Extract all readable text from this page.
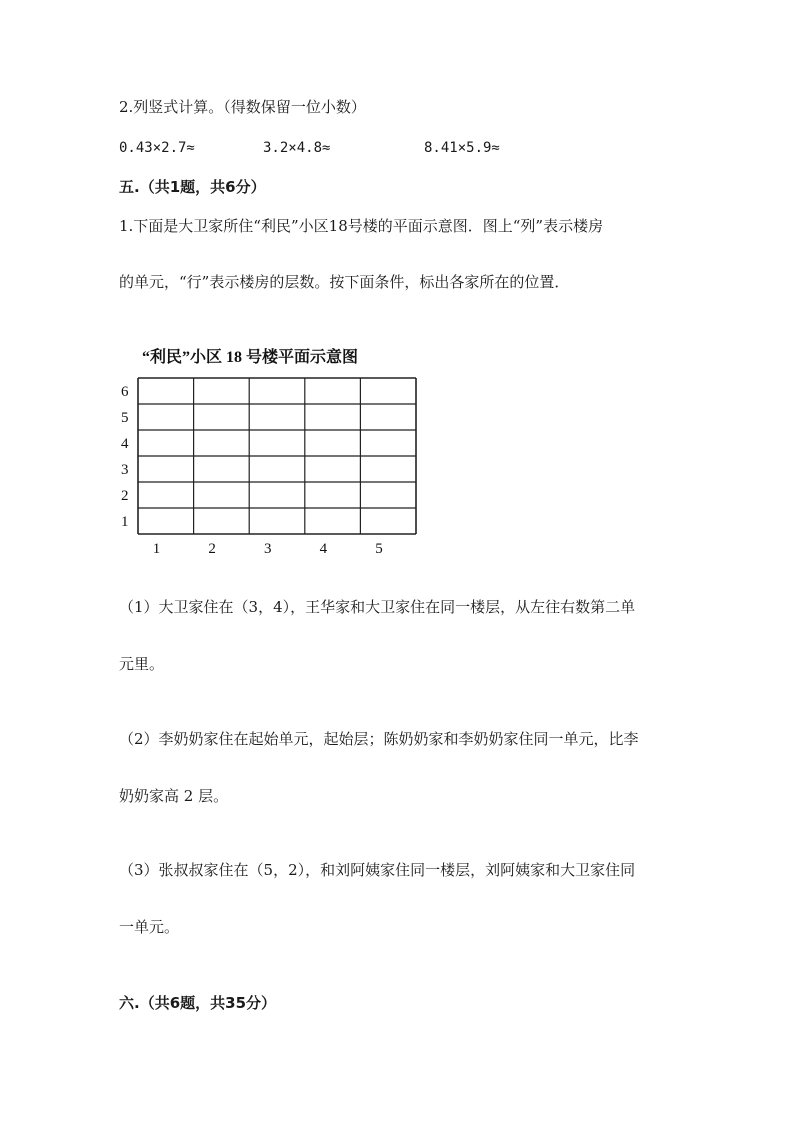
2.列竖式计算。（得数保留一位小数）
0.43×2.7≈	3.2×4.8≈	8.41×5.9≈
五.（共1题，共6分）
1.下面是大卫家所住“利民”小区18号楼的平面示意图．图上“列”表示楼房
的单元，“行”表示楼房的层数。按下面条件，标出各家所在的位置．
“利民”小区 18 号楼平面示意图
6
5
4
3
2
1
1	2	3	4	5
（1）大卫家住在（3，4），王华家和大卫家住在同一楼层，从左往右数第二单
元里。
（2）李奶奶家住在起始单元，起始层；陈奶奶家和李奶奶家住同一单元，比李
奶奶家高 2 层。
（3）张叔叔家住在（5，2），和刘阿姨家住同一楼层，刘阿姨家和大卫家住同
一单元。
六.（共6题，共35分）
